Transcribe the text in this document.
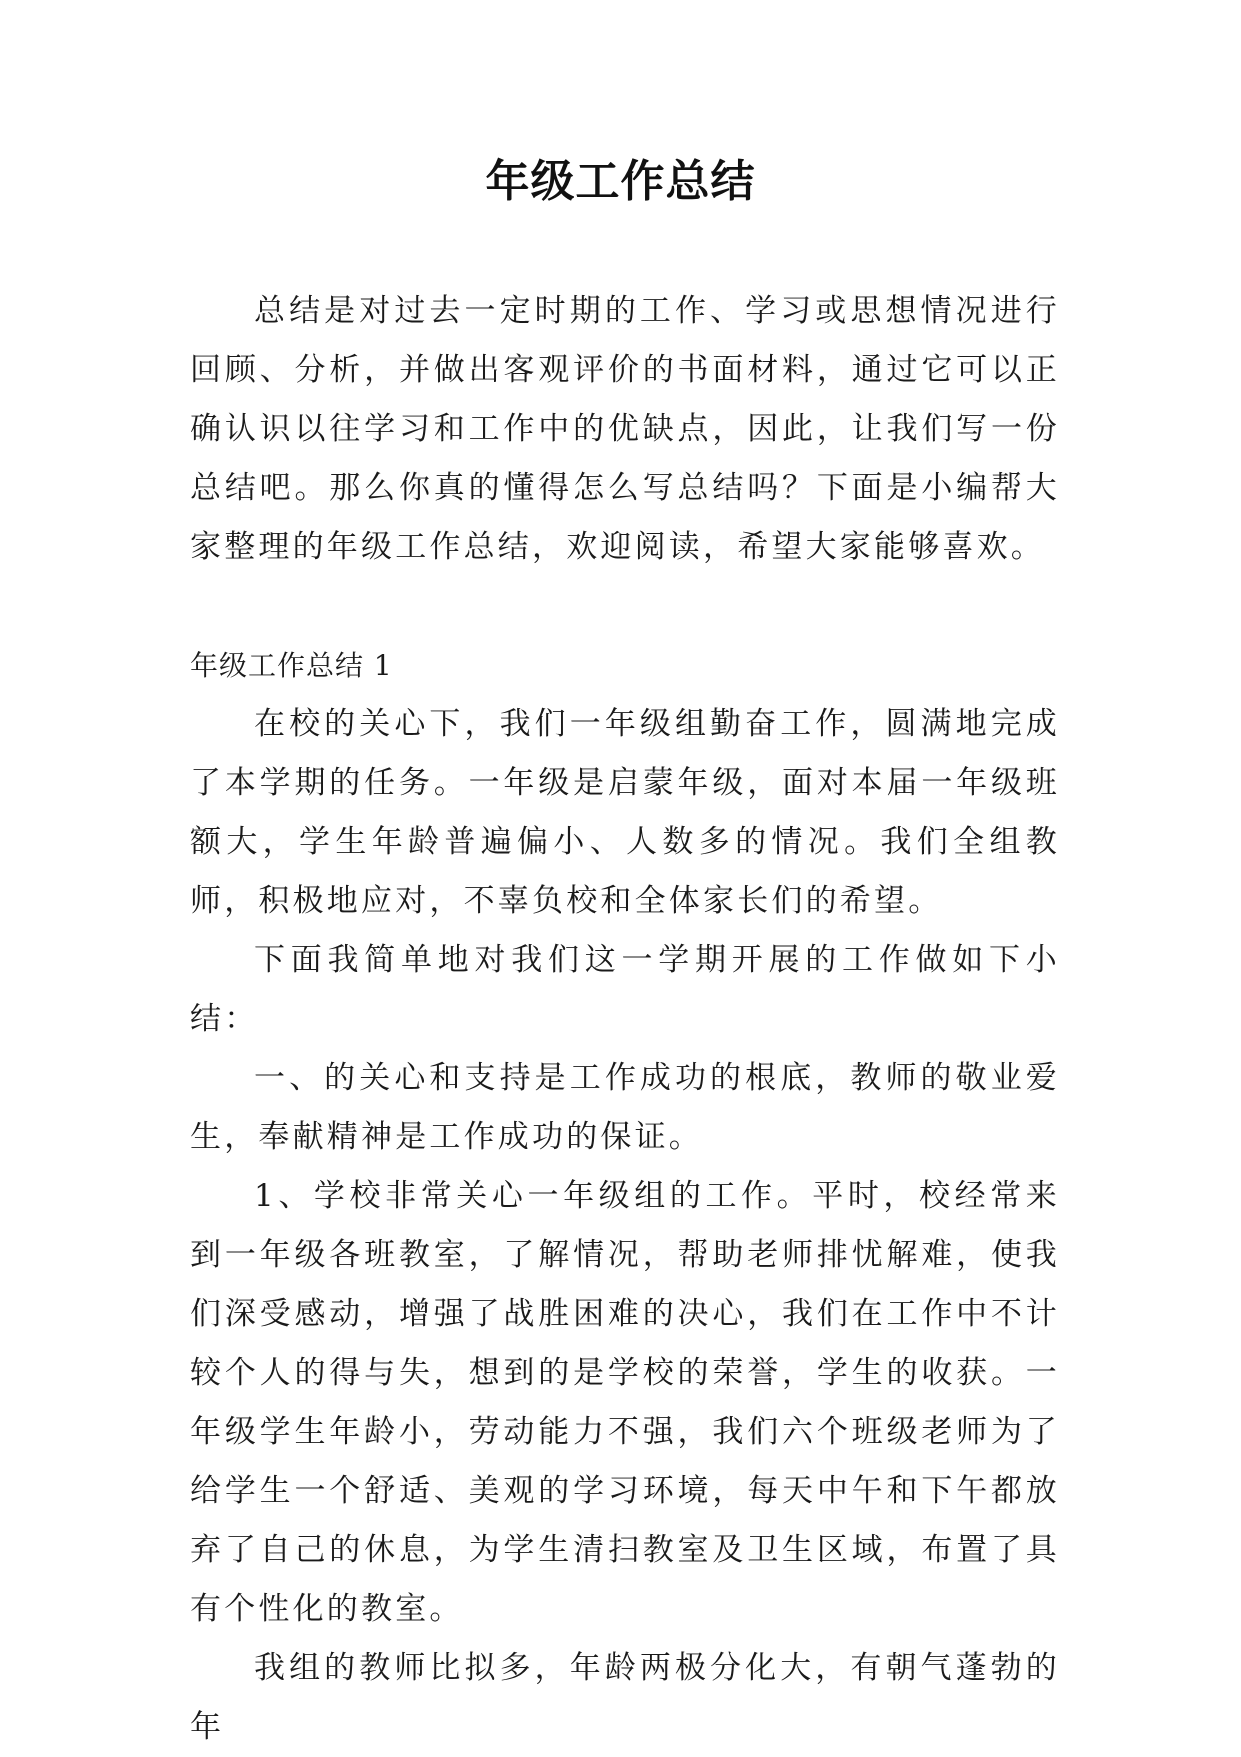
年级工作总结

总结是对过去一定时期的工作、学习或思想情况进行回顾、分析，并做出客观评价的书面材料，通过它可以正确认识以往学习和工作中的优缺点，因此，让我们写一份总结吧。那么你真的懂得怎么写总结吗？下面是小编帮大家整理的年级工作总结，欢迎阅读，希望大家能够喜欢。

年级工作总结 1

在校的关心下，我们一年级组勤奋工作，圆满地完成了本学期的任务。一年级是启蒙年级，面对本届一年级班额大，学生年龄普遍偏小、人数多的情况。我们全组教师，积极地应对，不辜负校和全体家长们的希望。

下面我简单地对我们这一学期开展的工作做如下小结：

一、的关心和支持是工作成功的根底，教师的敬业爱生，奉献精神是工作成功的保证。

1、学校非常关心一年级组的工作。平时，校经常来到一年级各班教室，了解情况，帮助老师排忧解难，使我们深受感动，增强了战胜困难的决心，我们在工作中不计较个人的得与失，想到的是学校的荣誉，学生的收获。一年级学生年龄小，劳动能力不强，我们六个班级老师为了给学生一个舒适、美观的学习环境，每天中午和下午都放弃了自己的休息，为学生清扫教室及卫生区域，布置了具有个性化的教室。

我组的教师比拟多，年龄两极分化大，有朝气蓬勃的年
